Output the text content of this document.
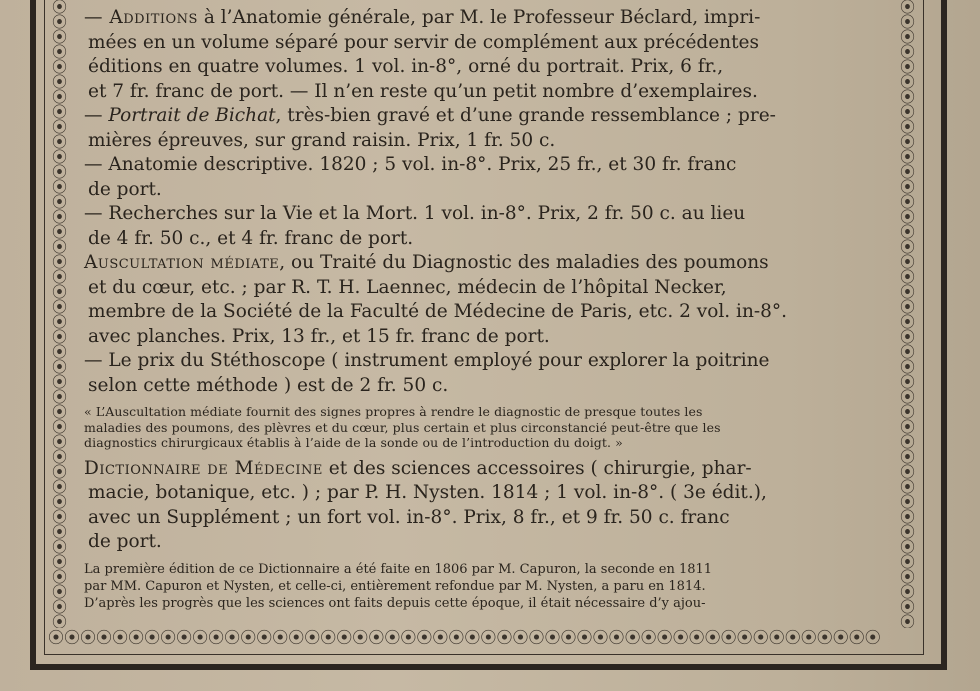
⦿
⦿
⦿
⦿
⦿
⦿
⦿
⦿
⦿
⦿
⦿
⦿
⦿
⦿
⦿
⦿
⦿
⦿
⦿
⦿
⦿
⦿
⦿
⦿
⦿
⦿
⦿
⦿
⦿
⦿
⦿
⦿
⦿
⦿
⦿
⦿
⦿
⦿
⦿
⦿
⦿
⦿
⦿
⦿
⦿
⦿
⦿
⦿
⦿
⦿
⦿
⦿
⦿
⦿
⦿
⦿
⦿
⦿
⦿
⦿
⦿
⦿
⦿
⦿
⦿
⦿
⦿
⦿
⦿
⦿
⦿
⦿
⦿
⦿
⦿
⦿
⦿
⦿
⦿
⦿
⦿
⦿
⦿
⦿
⦿⦿⦿⦿⦿⦿⦿⦿⦿⦿⦿⦿⦿⦿⦿⦿⦿⦿⦿⦿⦿⦿⦿⦿⦿⦿⦿⦿⦿⦿⦿⦿⦿⦿⦿⦿⦿⦿⦿⦿⦿⦿⦿⦿⦿⦿⦿⦿⦿⦿⦿⦿

— Additions à l’Anatomie générale, par M. le Professeur Béclard, impri-
mées en un volume séparé pour servir de complément aux précédentes
éditions en quatre volumes. 1 vol. in-8°, orné du portrait. Prix, 6 fr.,
et 7 fr. franc de port. — Il n’en reste qu’un petit nombre d’exemplaires.

— Portrait de Bichat, très-bien gravé et d’une grande ressemblance ; pre-
mières épreuves, sur grand raisin. Prix, 1 fr. 50 c.

— Anatomie descriptive. 1820 ; 5 vol. in-8°. Prix, 25 fr., et 30 fr. franc
de port.

— Recherches sur la Vie et la Mort. 1 vol. in-8°. Prix, 2 fr. 50 c. au lieu
de 4 fr. 50 c., et 4 fr. franc de port.

Auscultation médiate, ou Traité du Diagnostic des maladies des poumons
et du cœur, etc. ; par R. T. H. Laennec, médecin de l’hôpital Necker,
membre de la Société de la Faculté de Médecine de Paris, etc. 2 vol. in-8°.
avec planches. Prix, 13 fr., et 15 fr. franc de port.

— Le prix du Stéthoscope ( instrument employé pour explorer la poitrine
selon cette méthode ) est de 2 fr. 50 c.

« L’Auscultation médiate fournit des signes propres à rendre le diagnostic de presque toutes les
maladies des poumons, des plèvres et du cœur, plus certain et plus circonstancié peut-être que les
diagnostics chirurgicaux établis à l’aide de la sonde ou de l’introduction du doigt. »

Dictionnaire de Médecine et des sciences accessoires ( chirurgie, phar-
macie, botanique, etc. ) ; par P. H. Nysten. 1814 ; 1 vol. in-8°. ( 3e édit.),
avec un Supplément ; un fort vol. in-8°. Prix, 8 fr., et 9 fr. 50 c. franc
de port.

La première édition de ce Dictionnaire a été faite en 1806 par M. Capuron, la seconde en 1811
par MM. Capuron et Nysten, et celle-ci, entièrement refondue par M. Nysten, a paru en 1814.
D’après les progrès que les sciences ont faits depuis cette époque, il était nécessaire d’y ajou-
